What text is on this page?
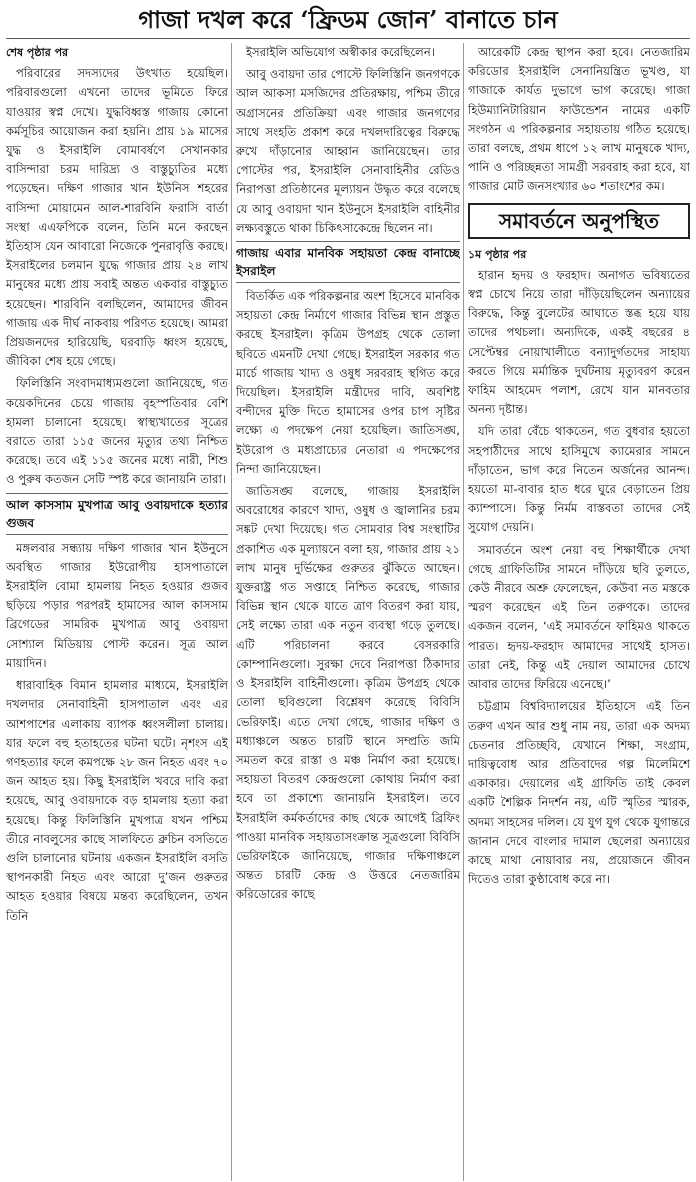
গাজা দখল করে ‘ফ্রিডম জোন’ বানাতে চান
শেষ পৃষ্ঠার পর

পরিবারের সদস্যদের উৎখাত হয়েছিল। পরিবারগুলো এখনো তাদের ভূমিতে ফিরে যাওয়ার স্বপ্ন দেখে। যুদ্ধবিধ্বস্ত গাজায় কোনো কর্মসূচির আয়োজন করা হয়নি। প্রায় ১৯ মাসের যুদ্ধ ও ইসরাইলি বোমাবর্ষণে সেখানকার বাসিন্দারা চরম দারিদ্র্য ও বাস্তুচ্যুতির মধ্যে পড়েছেন। দক্ষিণ গাজার খান ইউনিস শহরের বাসিন্দা মোয়ামেন আল-শারবিনি ফরাসি বার্তা সংস্থা এএফপিকে বলেন, তিনি মনে করছেন ইতিহাস যেন আবারো নিজেকে পুনরাবৃত্তি করছে। ইসরাইলের চলমান যুদ্ধে গাজার প্রায় ২৪ লাখ মানুষের মধ্যে প্রায় সবাই অন্তত একবার বাস্তুচ্যুত হয়েছেন। শারবিনি বলছিলেন, আমাদের জীবন গাজায় এক দীর্ঘ নাকবায় পরিণত হয়েছে। আমরা প্রিয়জনদের হারিয়েছি, ঘরবাড়ি ধ্বংস হয়েছে, জীবিকা শেষ হয়ে গেছে।

ফিলিস্তিনি সংবাদমাধ্যমগুলো জানিয়েছে, গত কয়েকদিনের চেয়ে গাজায় বৃহস্পতিবার বেশি হামলা চালানো হয়েছে। স্বাস্থ্যখাতের সূত্রের বরাতে তারা ১১৫ জনের মৃত্যুর তথ্য নিশ্চিত করেছে। তবে এই ১১৫ জনের মধ্যে নারী, শিশু ও পুরুষ কতজন সেটি স্পষ্ট করে জানায়নি তারা।

আল কাসসাম মুখপাত্র আবু ওবায়দাকে হত্যার গুজব

মঙ্গলবার সন্ধ্যায় দক্ষিণ গাজার খান ইউনুসে অবস্থিত গাজার ইউরোপীয় হাসপাতালে ইসরাইলি বোমা হামলায় নিহত হওয়ার গুজব ছড়িয়ে পড়ার পরপরই হামাসের আল কাসসাম ব্রিগেডের সামরিক মুখপাত্র আবু ওবায়দা সোশ্যাল মিডিয়ায় পোস্ট করেন। সূত্র আল মায়াদিন।

ধারাবাহিক বিমান হামলার মাধ্যমে, ইসরাইলি দখলদার সেনাবাহিনী হাসপাতাল এবং এর আশপাশের এলাকায় ব্যাপক ধ্বংসলীলা চালায়। যার ফলে বহু হতাহতের ঘটনা ঘটে। নৃশংস এই গণহত্যার ফলে কমপক্ষে ২৮ জন নিহত এবং ৭০ জন আহত হয়। কিছু ইসরাইলি খবরে দাবি করা হয়েছে, আবু ওবায়দাকে বড় হামলায় হত্যা করা হয়েছে। কিন্তু ফিলিস্তিনি মুখপাত্র যখন পশ্চিম তীরে নাবলুসের কাছে সালফিতে ব্রুচিন বসতিতে গুলি চালানোর ঘটনায় একজন ইসরাইলি বসতি স্থাপনকারী নিহত এবং আরো দু’জন গুরুতর আহত হওয়ার বিষয়ে মন্তব্য করেছিলেন, তখন তিনি

ইসরাইলি অভিযোগ অস্বীকার করেছিলেন।

আবু ওবায়দা তার পোস্টে ফিলিস্তিনি জনগণকে আল আকসা মসজিদের প্রতিরক্ষায়, পশ্চিম তীরে অগ্রাসনের প্রতিক্রিয়া এবং গাজার জনগণের সাথে সংহতি প্রকাশ করে দখলদারিত্বের বিরুদ্ধে রুখে দাঁড়ানোর আহ্বান জানিয়েছেন। তার পোস্টের পর, ইসরাইলি সেনাবাহিনীর রেডিও নিরাপত্তা প্রতিষ্ঠানের মূল্যায়ন উদ্ধৃত করে বলেছে যে আবু ওবায়দা খান ইউনুসে ইসরাইলি বাহিনীর লক্ষ্যবস্তুতে থাকা চিকিৎসাকেন্দ্রে ছিলেন না।

গাজায় এবার মানবিক সহায়তা কেন্দ্র বানাচ্ছে ইসরাইল

বিতর্কিত এক পরিকল্পনার অংশ হিসেবে মানবিক সহায়তা কেন্দ্র নির্মাণে গাজার বিভিন্ন স্থান প্রস্তুত করছে ইসরাইল। কৃত্রিম উপগ্রহ থেকে তোলা ছবিতে এমনটি দেখা গেছে। ইসরাইল সরকার গত মার্চে গাজায় খাদ্য ও ওষুধ সরবরাহ স্থগিত করে দিয়েছিল। ইসরাইলি মন্ত্রীদের দাবি, অবশিষ্ট বন্দীদের মুক্তি দিতে হামাসের ওপর চাপ সৃষ্টির লক্ষ্যে এ পদক্ষেপ নেয়া হয়েছিল। জাতিসঙ্ঘ, ইউরোপ ও মধ্যপ্রাচ্যের নেতারা এ পদক্ষেপের নিন্দা জানিয়েছেন।

জাতিসঙ্ঘ বলেছে, গাজায় ইসরাইলি অবরোধের কারণে খাদ্য, ওষুধ ও জ্বালানির চরম সঙ্কট দেখা দিয়েছে। গত সোমবার বিশ্ব সংস্থাটির প্রকাশিত এক মূল্যায়নে বলা হয়, গাজার প্রায় ২১ লাখ মানুষ দুর্ভিক্ষের গুরুতর ঝুঁকিতে আছেন। যুক্তরাষ্ট্র গত সপ্তাহে নিশ্চিত করেছে, গাজার বিভিন্ন স্থান থেকে যাতে ত্রাণ বিতরণ করা যায়, সেই লক্ষ্যে তারা এক নতুন ব্যবস্থা গড়ে তুলছে। এটি পরিচালনা করবে বেসরকারি কোম্পানিগুলো। সুরক্ষা দেবে নিরাপত্তা ঠিকাদার ও ইসরাইলি বাহিনীগুলো। কৃত্রিম উপগ্রহ থেকে তোলা ছবিগুলো বিশ্লেষণ করেছে বিবিসি ভেরিফাই। এতে দেখা গেছে, গাজার দক্ষিণ ও মধ্যাঞ্চলে অন্তত চারটি স্থানে সম্প্রতি জমি সমতল করে রাস্তা ও মঞ্চ নির্মাণ করা হয়েছে। সহায়তা বিতরণ কেন্দ্রগুলো কোথায় নির্মাণ করা হবে তা প্রকাশ্যে জানায়নি ইসরাইল। তবে ইসরাইলি কর্মকর্তাদের কাছ থেকে আগেই ব্রিফিং পাওয়া মানবিক সহায়তাসংক্রান্ত সূত্রগুলো বিবিসি ভেরিফাইকে জানিয়েছে, গাজার দক্ষিণাঞ্চলে অন্তত চারটি কেন্দ্র ও উত্তরে নেতজারিম করিডোরের কাছে

আরেকটি কেন্দ্র স্থাপন করা হবে। নেতজারিম করিডোর ইসরাইলি সেনানিয়ন্ত্রিত ভূখণ্ড, যা গাজাকে কার্যত দুভাগে ভাগ করেছে। গাজা হিউম্যানিটারিয়ান ফাউন্ডেশন নামের একটি সংগঠন এ পরিকল্পনার সহায়তায় গঠিত হয়েছে। তারা বলছে, প্রথম ধাপে ১২ লাখ মানুষকে খাদ্য, পানি ও পরিচ্ছন্নতা সামগ্রী সরবরাহ করা হবে, যা গাজার মোট জনসংখ্যার ৬০ শতাংশের কম।

সমাবর্তনে অনুপস্থিত
১ম পৃষ্ঠার পর

হারান হৃদয় ও ফরহাদ। অনাগত ভবিষ্যতের স্বপ্ন চোখে নিয়ে তারা দাঁড়িয়েছিলেন অন্যায়ের বিরুদ্ধে, কিন্তু বুলেটের আঘাতে স্তব্ধ হয়ে যায় তাদের পথচলা। অন্যদিকে, একই বছরের ৪ সেপ্টেম্বর নোয়াখালীতে বন্যাদুর্গতদের সাহায্য করতে গিয়ে মর্মান্তিক দুর্ঘটনায় মৃত্যুবরণ করেন ফাহিম আহমেদ পলাশ, রেখে যান মানবতার অনন্য দৃষ্টান্ত।

যদি তারা বেঁচে থাকতেন, গত বুধবার হয়তো সহপাঠীদের সাথে হাসিমুখে ক্যামেরার সামনে দাঁড়াতেন, ভাগ করে নিতেন অর্জনের আনন্দ। হয়তো মা-বাবার হাত ধরে ঘুরে বেড়াতেন প্রিয় ক্যাম্পাসে। কিন্তু নির্মম বাস্তবতা তাদের সেই সুযোগ দেয়নি।

সমাবর্তনে অংশ নেয়া বহু শিক্ষার্থীকে দেখা গেছে গ্রাফিতিটির সামনে দাঁড়িয়ে ছবি তুলতে, কেউ নীরবে অশ্রু ফেলেছেন, কেউবা নত মস্তকে স্মরণ করেছেন এই তিন তরুণকে। তাদের একজন বলেন, ‘এই সমাবর্তনে ফাহিমও থাকতে পারত। হৃদয়-ফরহাদ আমাদের সাথেই হাসত। তারা নেই, কিন্তু এই দেয়াল আমাদের চোখে আবার তাদের ফিরিয়ে এনেছে।’

চট্টগ্রাম বিশ্ববিদ্যালয়ের ইতিহাসে এই তিন তরুণ এখন আর শুধু নাম নয়, তারা এক অদম্য চেতনার প্রতিচ্ছবি, যেখানে শিক্ষা, সংগ্রাম, দায়িত্ববোধ আর প্রতিবাদের গল্প মিলেমিশে একাকার। দেয়ালের এই গ্রাফিতি তাই কেবল একটি শৈল্পিক নিদর্শন নয়, এটি স্মৃতির স্মারক, অদম্য সাহসের দলিল। যে যুগ যুগ থেকে যুগান্তরে জানান দেবে বাংলার দামাল ছেলেরা অন্যায়ের কাছে মাথা নোয়াবার নয়, প্রয়োজনে জীবন দিতেও তারা কুণ্ঠাবোধ করে না।
